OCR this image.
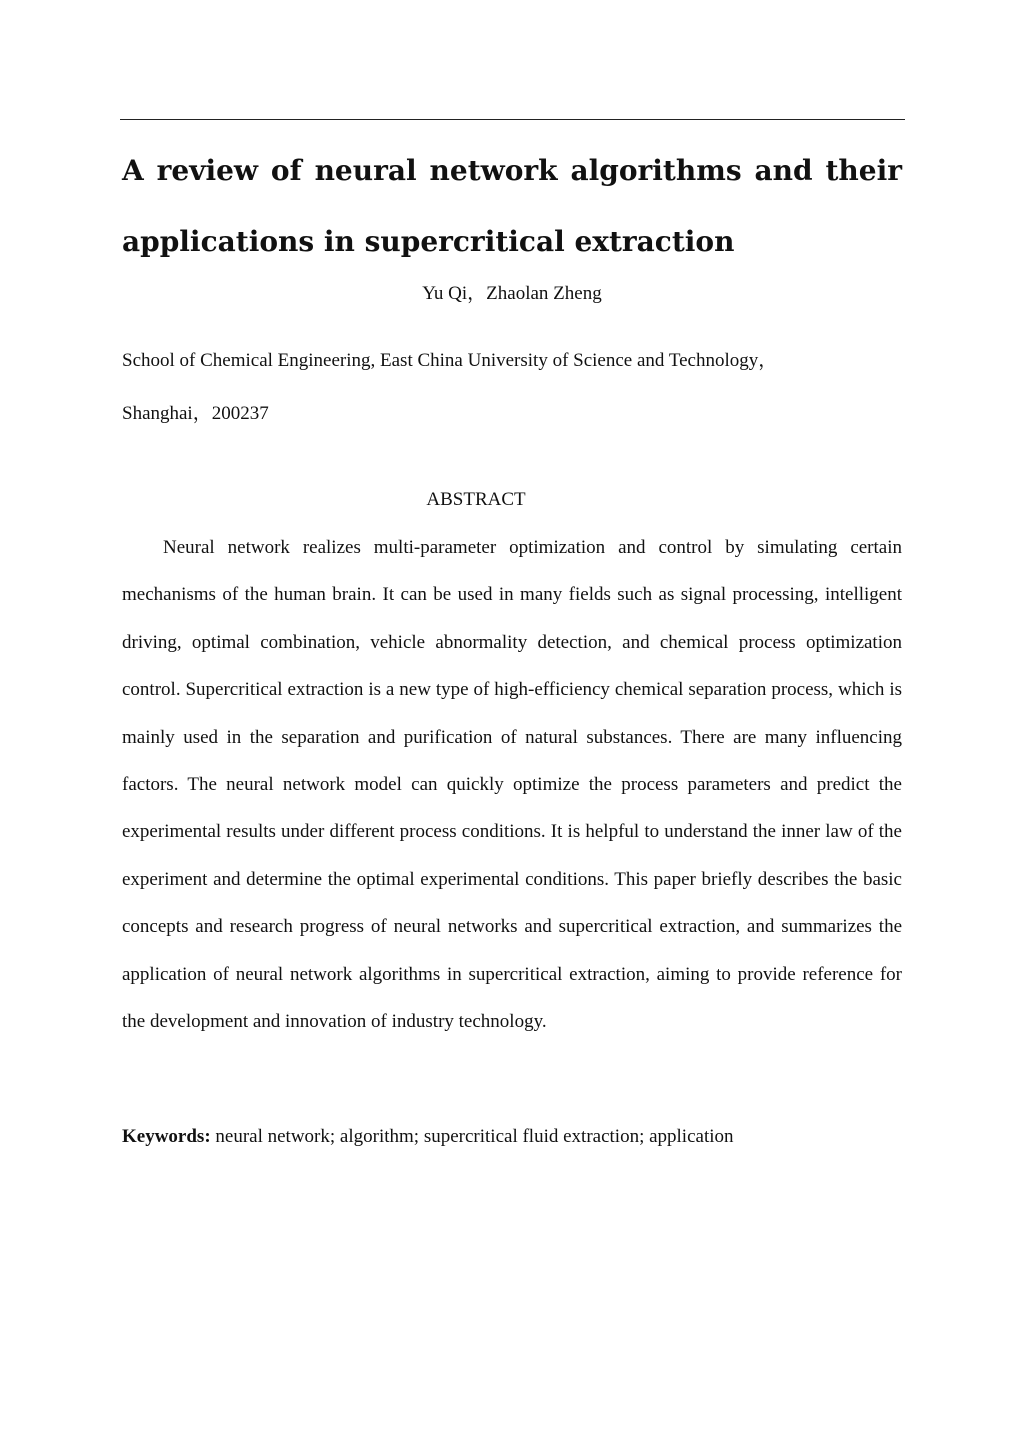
A review of neural network algorithms and their applications in supercritical extraction
Yu Qi，Zhaolan Zheng
School of Chemical Engineering, East China University of Science and Technology，
Shanghai，200237
ABSTRACT

Neural network realizes multi-parameter optimization and control by simulating certain mechanisms of the human brain. It can be used in many fields such as signal processing, intelligent driving, optimal combination, vehicle abnormality detection, and chemical process optimization control. Supercritical extraction is a new type of high-efficiency chemical separation process, which is mainly used in the separation and purification of natural substances. There are many influencing factors. The neural network model can quickly optimize the process parameters and predict the experimental results under different process conditions. It is helpful to understand the inner law of the experiment and determine the optimal experimental conditions. This paper briefly describes the basic concepts and research progress of neural networks and supercritical extraction, and summarizes the application of neural network algorithms in supercritical extraction, aiming to provide reference for the development and innovation of industry technology.

Keywords: neural network; algorithm; supercritical fluid extraction; application
